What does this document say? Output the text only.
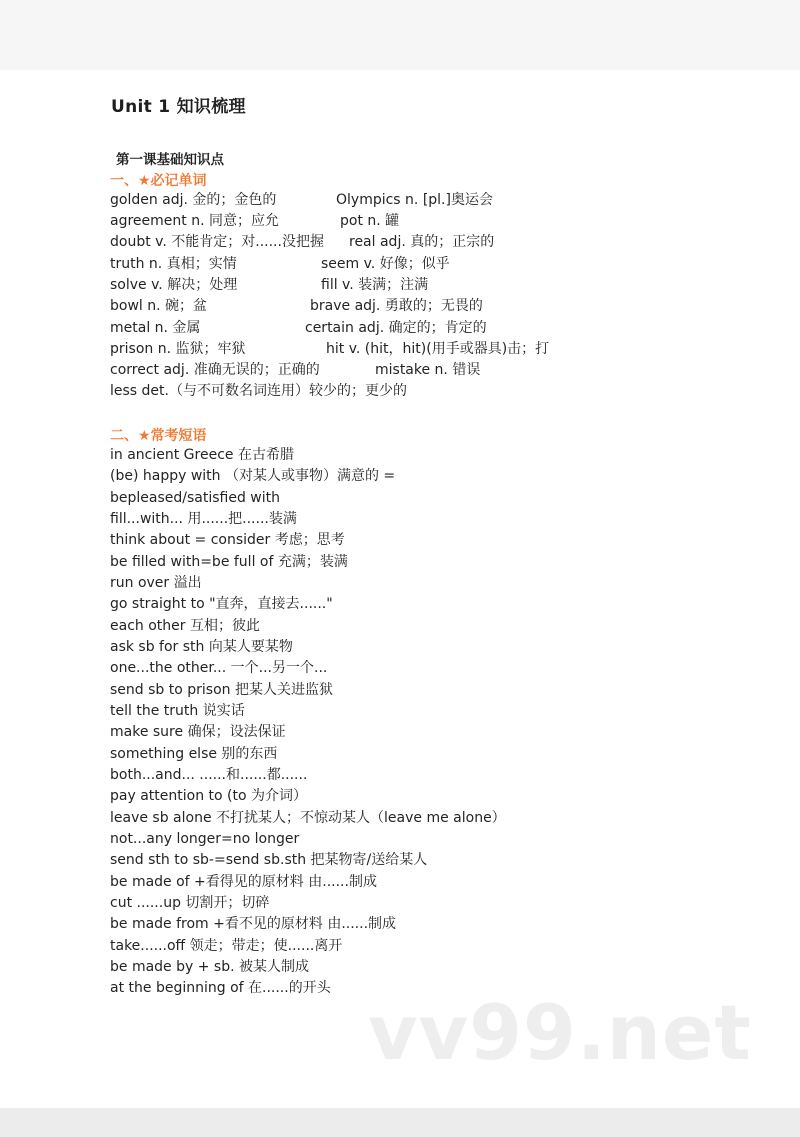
Unit 1 知识梳理
第一课基础知识点
一、★必记单词
golden adj. 金的；金色的	Olympics n. [pl.]奥运会
agreement n. 同意；应允	pot n. 罐
doubt v. 不能肯定；对......没把握 real adj. 真的；正宗的
truth n. 真相；实情	seem v. 好像；似乎
solve v. 解决；处理	fill v. 装满；注满
bowl n. 碗；盆	brave adj. 勇敢的；无畏的
metal n. 金属	certain adj. 确定的；肯定的
prison n. 监狱；牢狱	hit v. (hit，hit)(用手或器具)击；打
correct adj. 准确无误的；正确的	mistake n. 错误
less det.（与不可数名词连用）较少的；更少的
二、★常考短语
in ancient Greece 在古希腊
(be) happy with （对某人或事物）满意的 =
bepleased/satisfied with
fill...with... 用......把......装满
think about = consider 考虑；思考
be filled with=be full of 充满；装满
run over 溢出
go straight to "直奔，直接去......"
each other 互相；彼此
ask sb for sth 向某人要某物
one...the other... 一个...另一个...
send sb to prison 把某人关进监狱
tell the truth 说实话
make sure 确保；设法保证
something else 别的东西
both...and... ......和......都......
pay attention to (to 为介词）
leave sb alone 不打扰某人；不惊动某人（leave me alone）
not...any longer=no longer
send sth to sb-=send sb.sth 把某物寄/送给某人
be made of +看得见的原材料 由......制成
cut ......up 切割开；切碎
be made from +看不见的原材料 由......制成
take......off 领走；带走；使......离开
be made by + sb. 被某人制成
at the beginning of 在......的开头 vv99.net
